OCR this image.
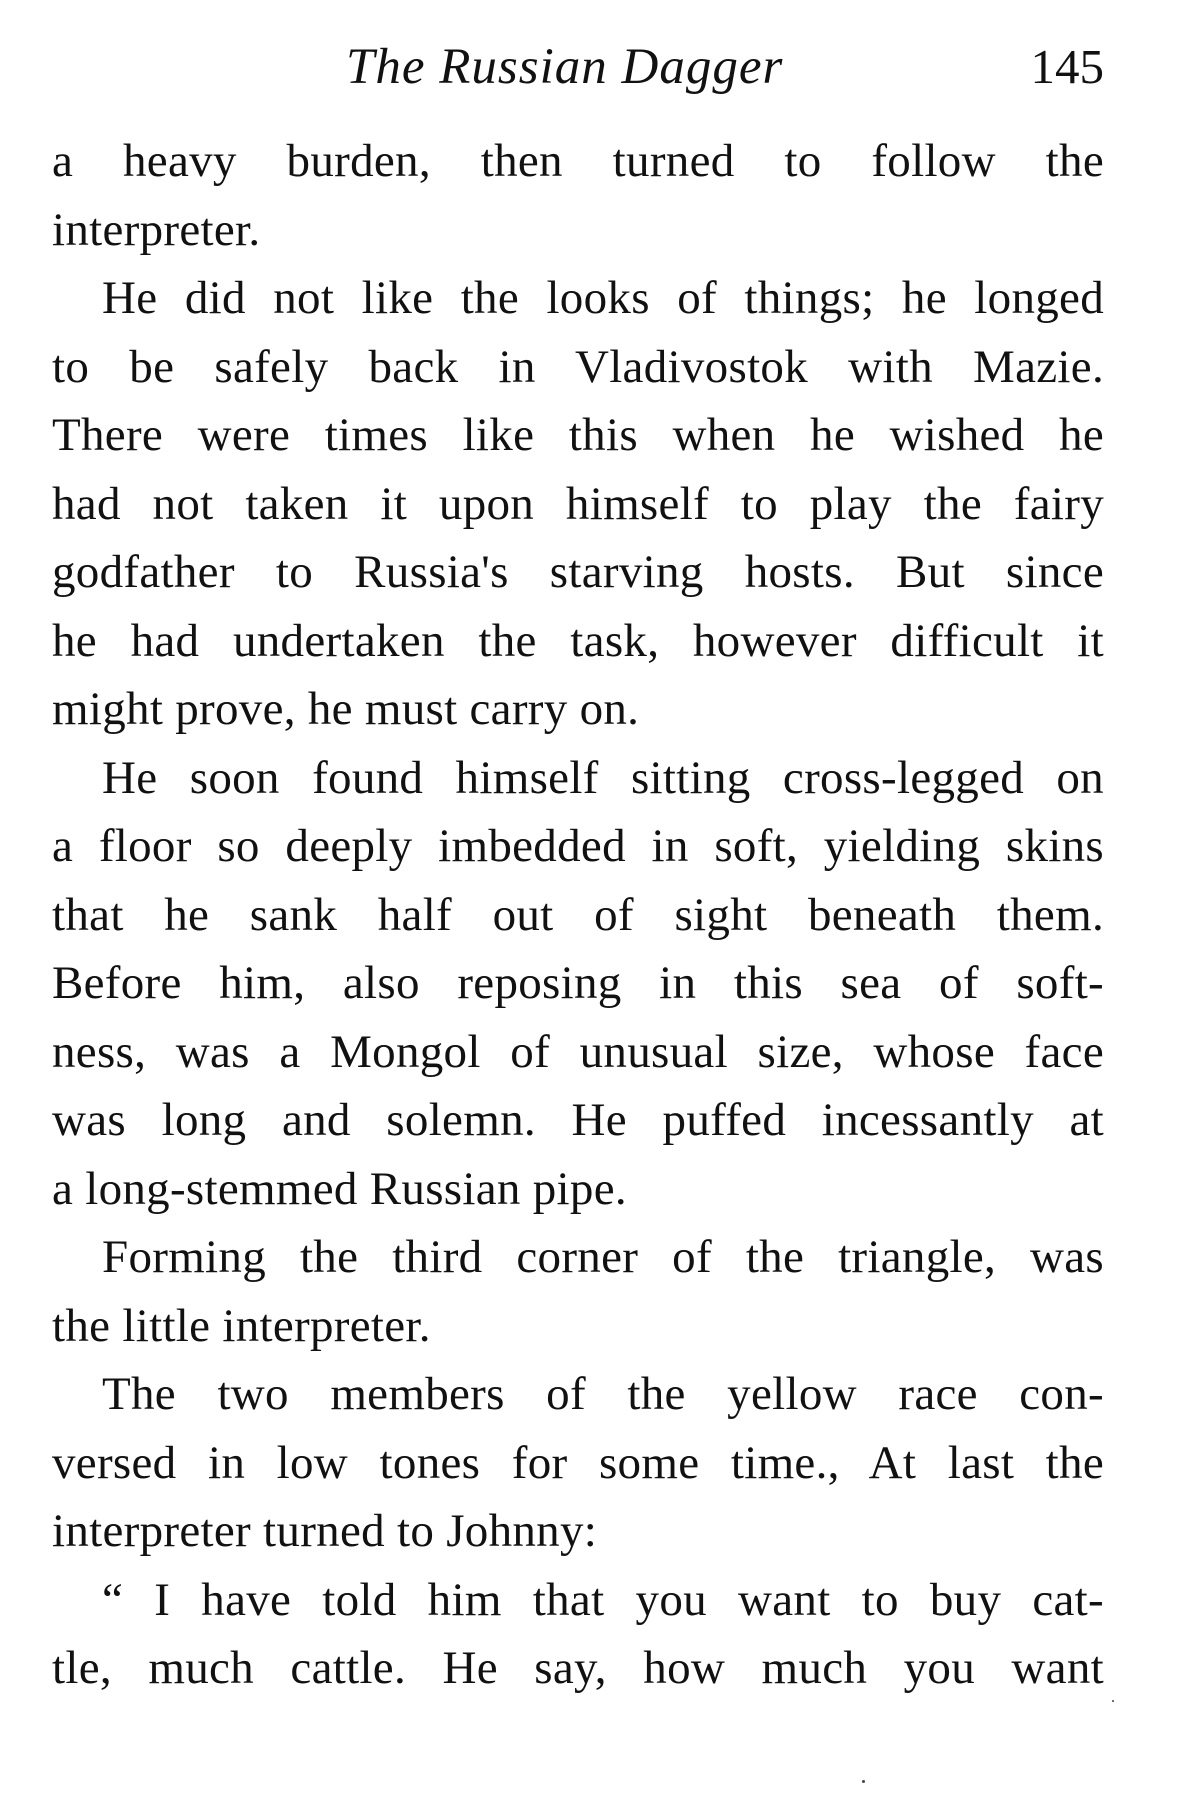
The Russian Dagger	145
a heavy burden, then turned to follow the
interpreter.
He did not like the looks of things; he longed
to be safely back in Vladivostok with Mazie.
There were times like this when he wished he
had not taken it upon himself to play the fairy
godfather to Russia's starving hosts. But since
he had undertaken the task, however difficult it
might prove, he must carry on.
He soon found himself sitting cross-legged on
a floor so deeply imbedded in soft, yielding skins
that he sank half out of sight beneath them.
Before him, also reposing in this sea of soft-
ness, was a Mongol of unusual size, whose face
was long and solemn. He puffed incessantly at
a long-stemmed Russian pipe.
Forming the third corner of the triangle, was
the little interpreter.
The two members of the yellow race con-
versed in low tones for some time., At last the
interpreter turned to Johnny:
“ I have told him that you want to buy cat-
tle, much cattle. He say, how much you want
